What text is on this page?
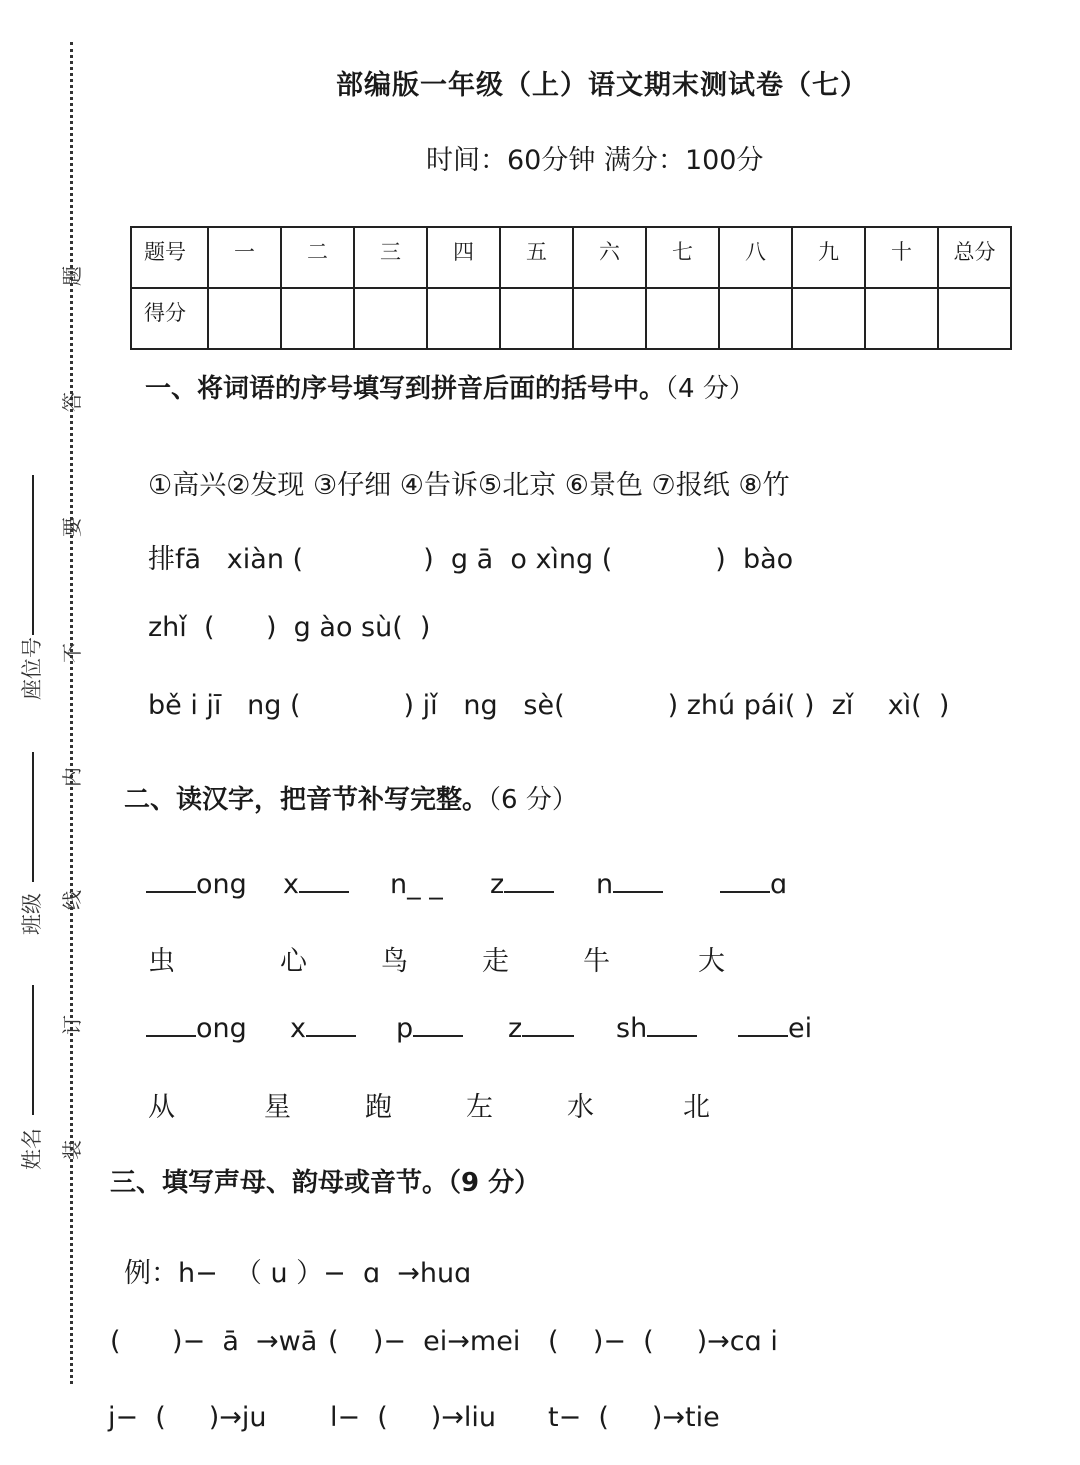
题
答
要
不
内
线
订
装
座位号
班级
姓名
部编版一年级（上）语文期末测试卷（七）
时间：60分钟 满分：100分
题号	一	二	三	四	五	六	七	八	九	十	总分
得分											
一、将词语的序号填写到拼音后面的括号中。（4 分）
①高兴②发现 ③仔细 ④告诉⑤北京 ⑥景色 ⑦报纸 ⑧竹
排fā   xiàn (              )  g ā  o xìng (            )  bào
zhǐ  (      )  g ào sù(  )
bě i jī   ng (            ) jǐ   ng   sè(            ) zhú pái( )  zǐ    xì(  )
二、读汉字，把音节补写完整。（6 分）
ong x	n_ _ z	n	ɑ
虫	心	鸟	走	牛	大
ong x	p	z	sh	ei
从	星	跑	左	水	北
三、填写声母、韵母或音节。（9 分）
例：h−  （ u ）−  ɑ  →huɑ
(      )−  ā  →wā (    )−  ei→mei (    )−  (     )→cɑ i
j−  (     )→ju l−  (     )→liu t−  (     )→tie
